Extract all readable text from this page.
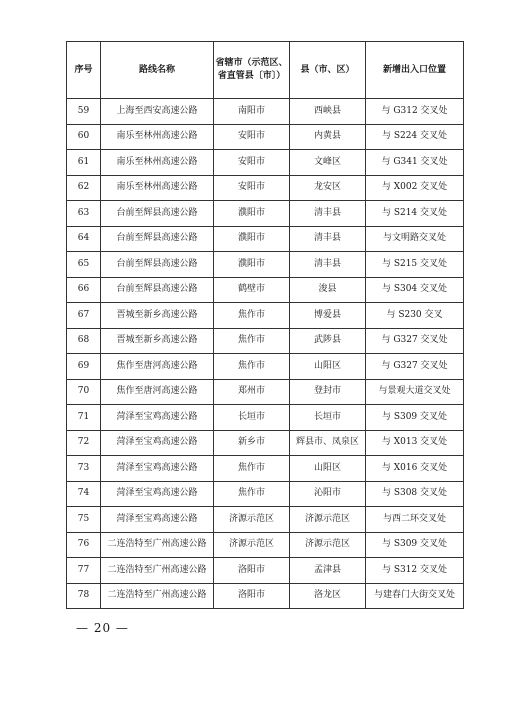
序号	路线名称	省辖市（示范区、省直管县〔市〕）	县（市、区）	新增出入口位置
59	上海至西安高速公路	南阳市	西峡县	与 G312 交叉处
60	南乐至林州高速公路	安阳市	内黄县	与 S224 交叉处
61	南乐至林州高速公路	安阳市	文峰区	与 G341 交叉处
62	南乐至林州高速公路	安阳市	龙安区	与 X002 交叉处
63	台前至辉县高速公路	濮阳市	清丰县	与 S214 交叉处
64	台前至辉县高速公路	濮阳市	清丰县	与文明路交叉处
65	台前至辉县高速公路	濮阳市	清丰县	与 S215 交叉处
66	台前至辉县高速公路	鹤壁市	浚县	与 S304 交叉处
67	晋城至新乡高速公路	焦作市	博爱县	与 S230 交叉
68	晋城至新乡高速公路	焦作市	武陟县	与 G327 交叉处
69	焦作至唐河高速公路	焦作市	山阳区	与 G327 交叉处
70	焦作至唐河高速公路	郑州市	登封市	与景观大道交叉处
71	菏泽至宝鸡高速公路	长垣市	长垣市	与 S309 交叉处
72	菏泽至宝鸡高速公路	新乡市	辉县市、凤泉区	与 X013 交叉处
73	菏泽至宝鸡高速公路	焦作市	山阳区	与 X016 交叉处
74	菏泽至宝鸡高速公路	焦作市	沁阳市	与 S308 交叉处
75	菏泽至宝鸡高速公路	济源示范区	济源示范区	与西二环交叉处
76	二连浩特至广州高速公路	济源示范区	济源示范区	与 S309 交叉处
77	二连浩特至广州高速公路	洛阳市	孟津县	与 S312 交叉处
78	二连浩特至广州高速公路	洛阳市	洛龙区	与建春门大街交叉处
— 20 —
